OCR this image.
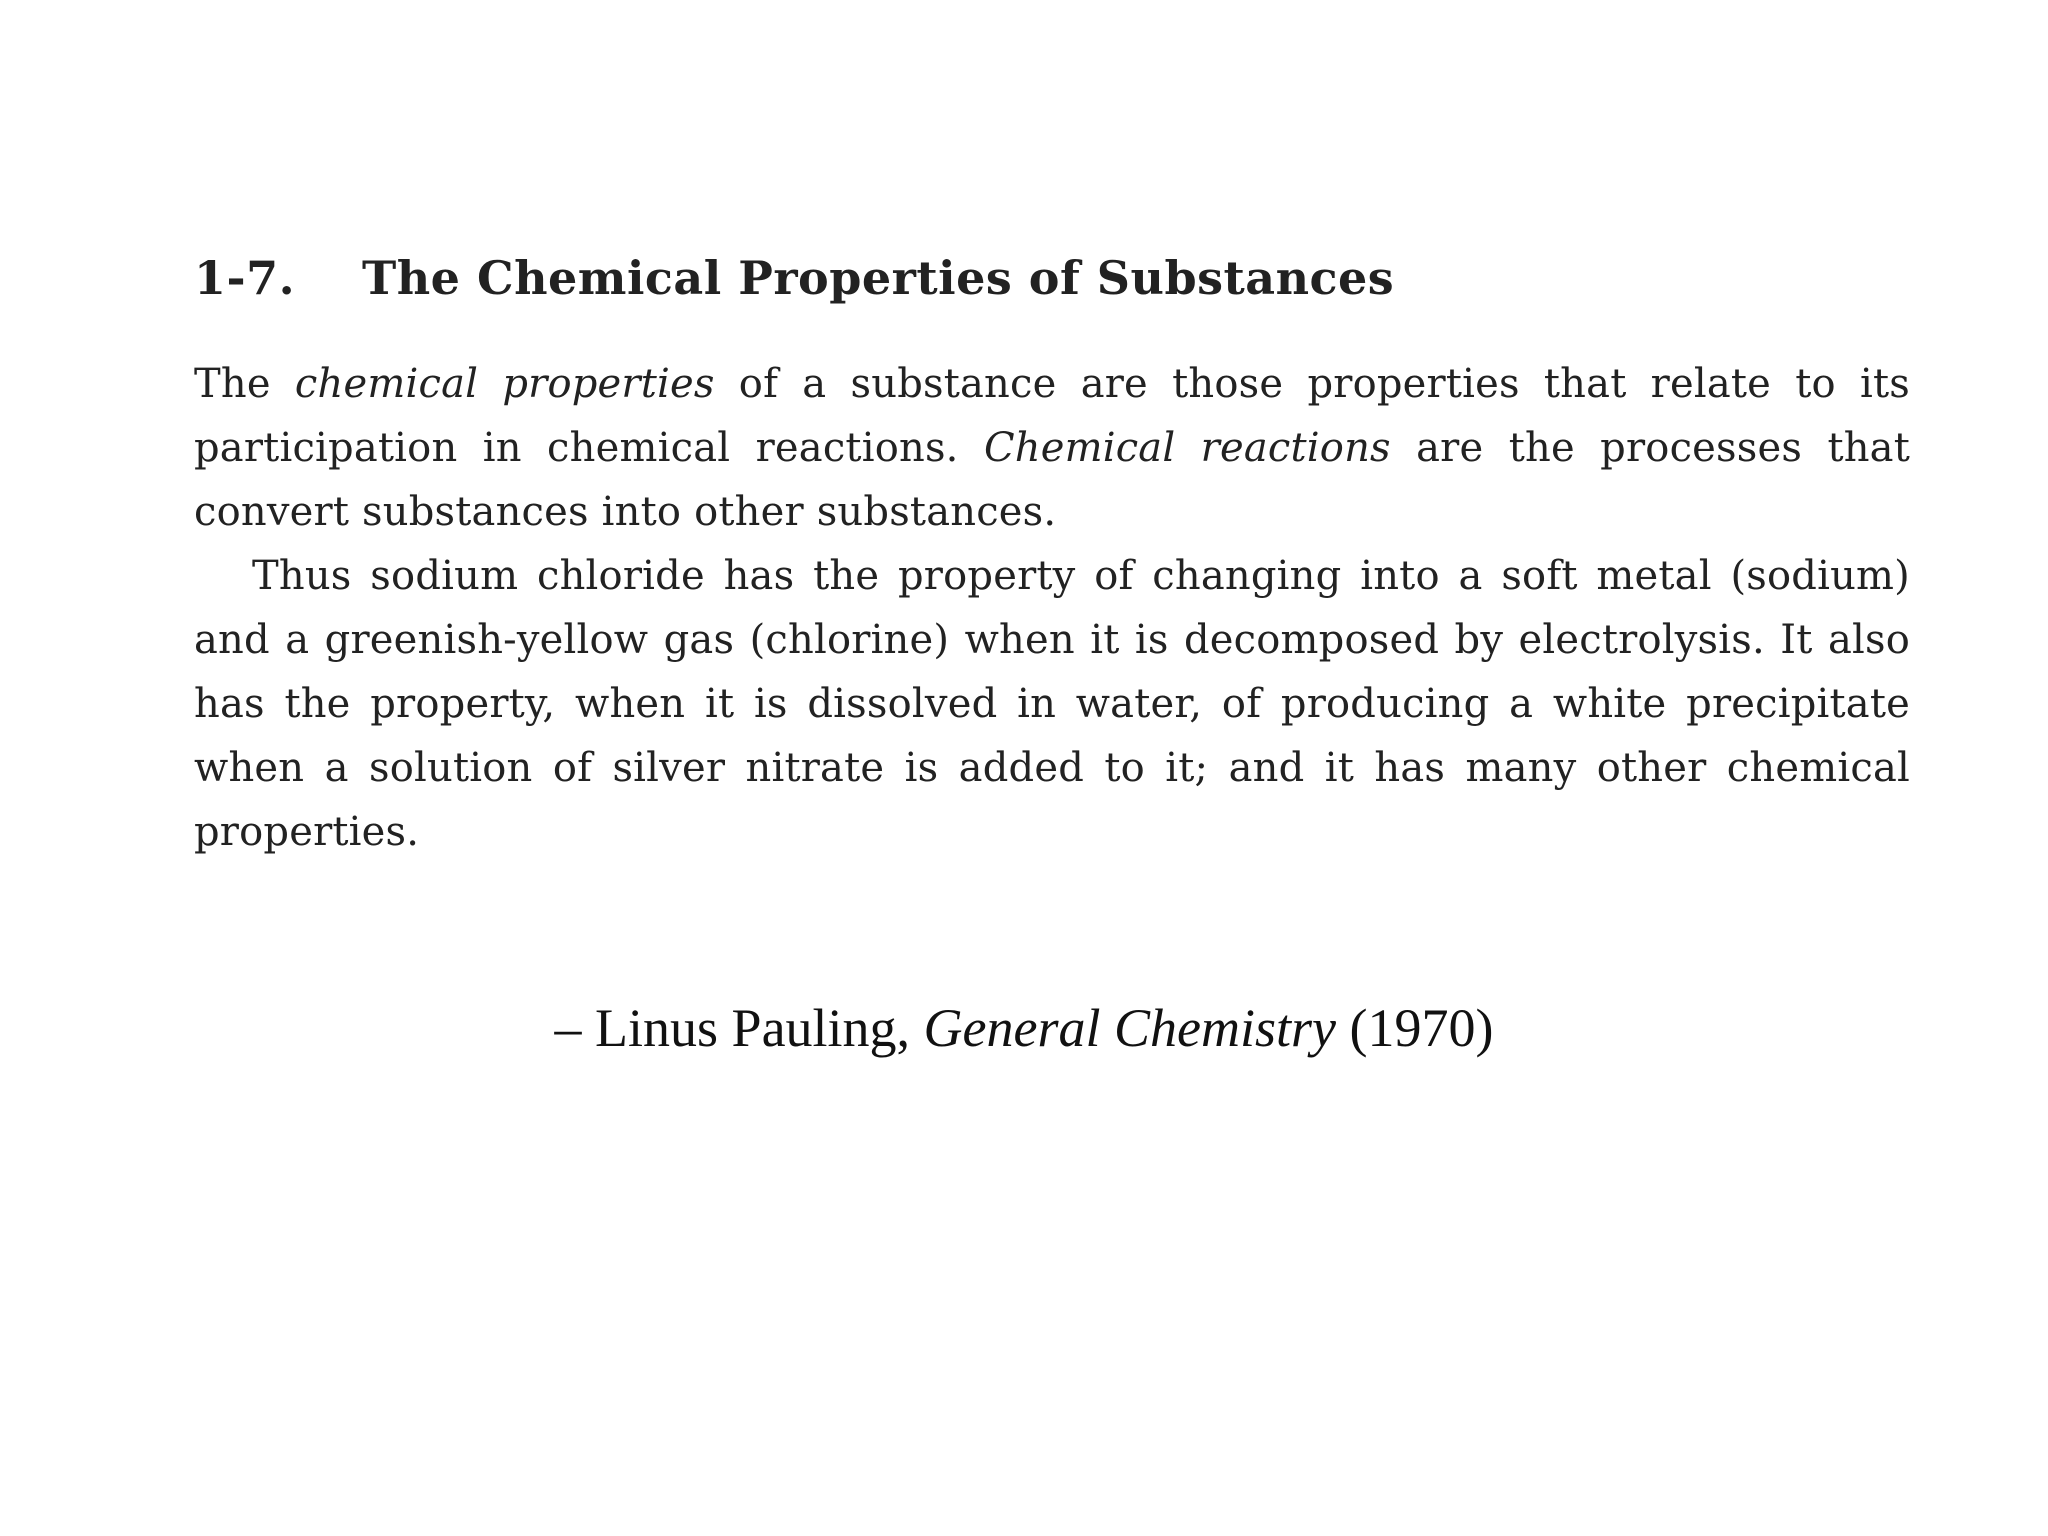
1-7. The Chemical Properties of Substances

The chemical properties of a substance are those properties that relate to its participation in chemical reactions. Chemical reactions are the processes that convert substances into other substances.

Thus sodium chloride has the property of changing into a soft metal (sodium) and a greenish-yellow gas (chlorine) when it is decomposed by electrolysis. It also has the property, when it is dissolved in water, of producing a white precipitate when a solution of silver nitrate is added to it; and it has many other chemical properties.

– Linus Pauling, General Chemistry (1970)
